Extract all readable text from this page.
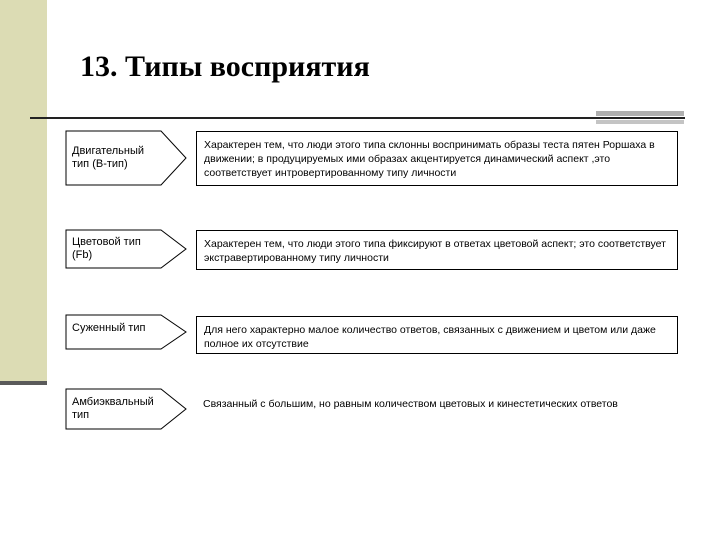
13. Типы восприятия
Двигательный тип (В-тип)
Характерен тем, что люди этого типа склонны воспринимать образы теста пятен Роршаха в движении; в продуцируемых ими образах акцентируется динамический аспект ,это соответствует интровертированному типу личности
Цветовой тип (Fb)
Характерен тем, что люди этого типа фиксируют в ответах цветовой аспект; это соответствует экстравертированному типу личности
Суженный тип	Для него характерно малое количество ответов, связанных с движением и цветом или даже полное их отсутствие
Амбиэквальный тип
Связанный с большим, но равным количеством цветовых и кинестетических ответов
